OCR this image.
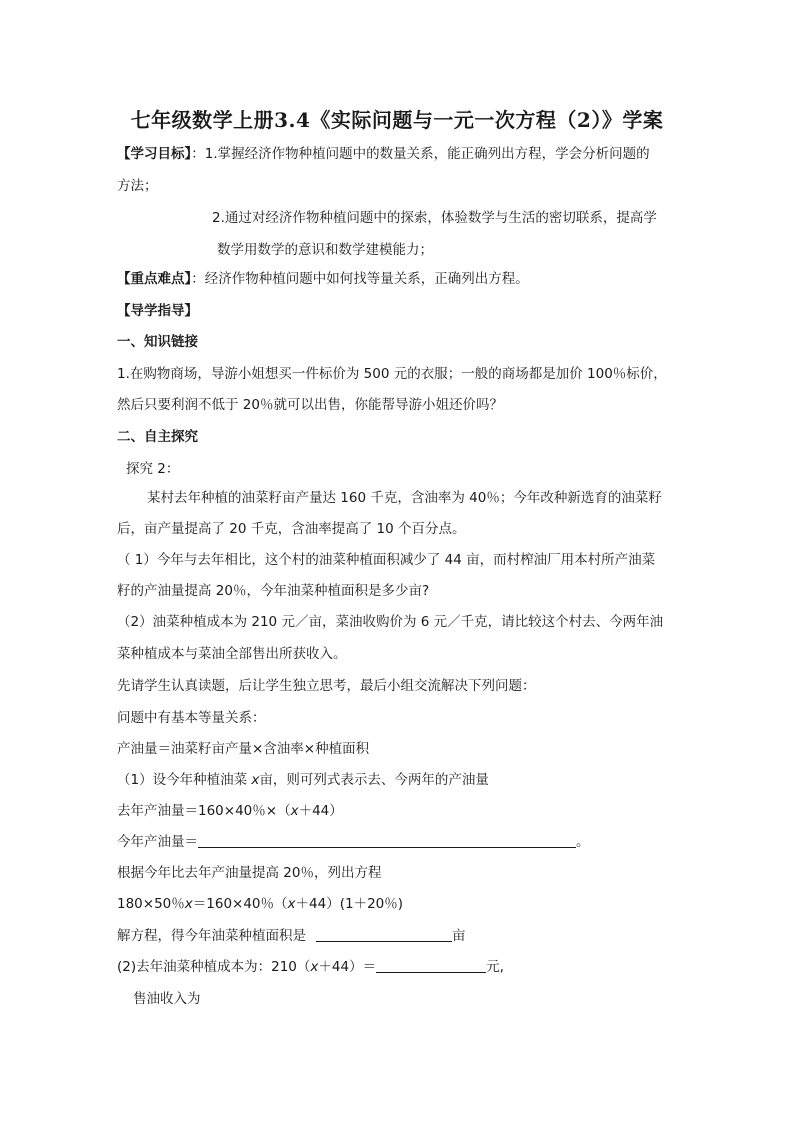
七年级数学上册3.4《实际问题与一元一次方程（2）》学案
【学习目标】：1.掌握经济作物种植问题中的数量关系，能正确列出方程，学会分析问题的
方法；
2.通过对经济作物种植问题中的探索，体验数学与生活的密切联系，提高学
数学用数学的意识和数学建模能力；
【重点难点】：经济作物种植问题中如何找等量关系，正确列出方程。
【导学指导】
一、知识链接
1.在购物商场，导游小姐想买一件标价为 500 元的衣服；一般的商场都是加价 100％标价，
然后只要利润不低于 20％就可以出售，你能帮导游小姐还价吗？
二、自主探究
探究 2：
某村去年种植的油菜籽亩产量达 160 千克，含油率为 40％；今年改种新选育的油菜籽
后，亩产量提高了 20 千克，含油率提高了 10 个百分点。
（ 1）今年与去年相比，这个村的油菜种植面积减少了 44 亩，而村榨油厂用本村所产油菜
籽的产油量提高 20％，今年油菜种植面积是多少亩?
（2）油菜种植成本为 210 元／亩，菜油收购价为 6 元／千克，请比较这个村去、今两年油
菜种植成本与菜油全部售出所获收入。
先请学生认真读题，后让学生独立思考，最后小组交流解决下列问题：
问题中有基本等量关系：
产油量＝油菜籽亩产量×含油率×种植面积
（1）设今年种植油菜 x亩，则可列式表示去、今两年的产油量
去年产油量＝160×40％×（x＋44）
今年产油量＝	。
根据今年比去年产油量提高 20％，列出方程
180×50％x＝160×40％（x＋44）(1＋20％)
解方程，得今年油菜种植面积是	亩
(2)去年油菜种植成本为：210（x＋44）＝	元,
售油收入为
